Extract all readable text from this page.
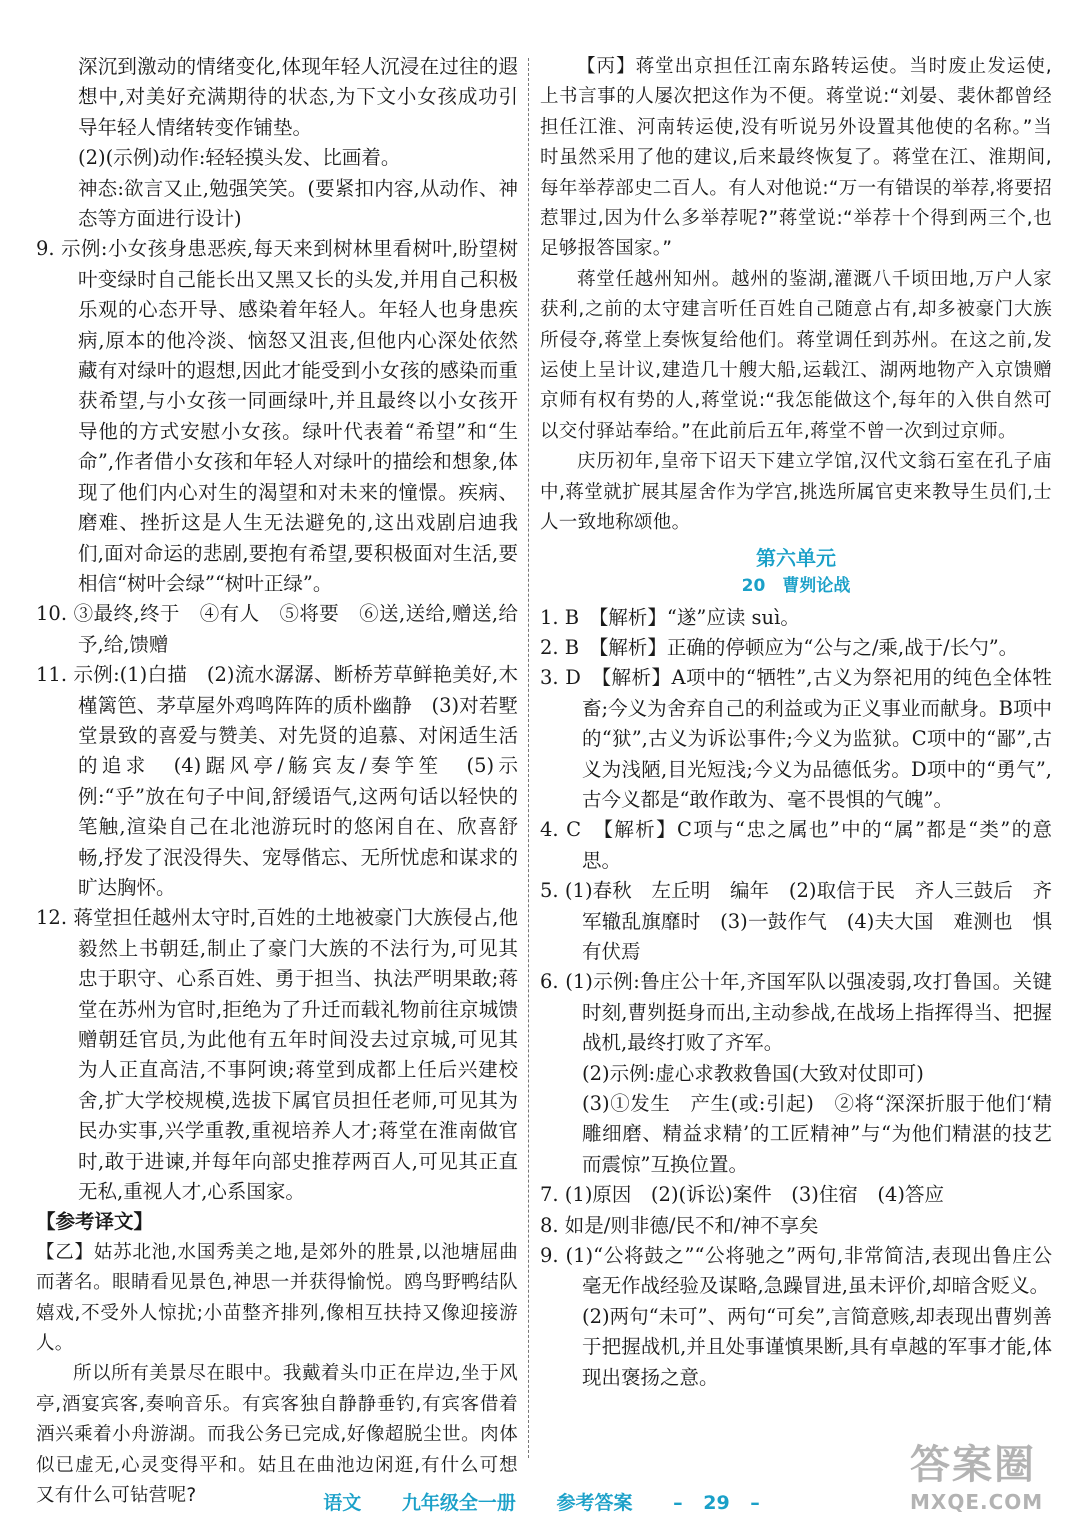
深沉到激动的情绪变化,体现年轻人沉浸在过往的遐想中,对美好充满期待的状态,为下文小女孩成功引导年轻人情绪转变作铺垫。

(2)(示例)动作:轻轻摸头发、比画着。

神态:欲言又止,勉强笑笑。(要紧扣内容,从动作、神态等方面进行设计)

9. 示例:小女孩身患恶疾,每天来到树林里看树叶,盼望树叶变绿时自己能长出又黑又长的头发,并用自己积极乐观的心态开导、感染着年轻人。年轻人也身患疾病,原本的他冷淡、恼怒又沮丧,但他内心深处依然藏有对绿叶的遐想,因此才能受到小女孩的感染而重获希望,与小女孩一同画绿叶,并且最终以小女孩开导他的方式安慰小女孩。绿叶代表着“希望”和“生命”,作者借小女孩和年轻人对绿叶的描绘和想象,体现了他们内心对生的渴望和对未来的憧憬。疾病、磨难、挫折这是人生无法避免的,这出戏剧启迪我们,面对命运的悲剧,要抱有希望,要积极面对生活,要相信“树叶会绿”“树叶正绿”。

10. ③最终,终于　④有人　⑤将要　⑥送,送给,赠送,给予,给,馈赠

11. 示例:(1)白描　(2)流水潺潺、断桥芳草鲜艳美好,木槿篱笆、茅草屋外鸡鸣阵阵的质朴幽静　(3)对若墅堂景致的喜爱与赞美、对先贤的追慕、对闲适生活的追求　(4)踞风亭/觞宾友/奏竽笙　(5)示例:“乎”放在句子中间,舒缓语气,这两句话以轻快的笔触,渲染自己在北池游玩时的悠闲自在、欣喜舒畅,抒发了泯没得失、宠辱偕忘、无所忧虑和谋求的旷达胸怀。

12. 蒋堂担任越州太守时,百姓的土地被豪门大族侵占,他毅然上书朝廷,制止了豪门大族的不法行为,可见其忠于职守、心系百姓、勇于担当、执法严明果敢;蒋堂在苏州为官时,拒绝为了升迁而载礼物前往京城馈赠朝廷官员,为此他有五年时间没去过京城,可见其为人正直高洁,不事阿谀;蒋堂到成都上任后兴建校舍,扩大学校规模,选拔下属官员担任老师,可见其为民办实事,兴学重教,重视培养人才;蒋堂在淮南做官时,敢于进谏,并每年向部史推荐两百人,可见其正直无私,重视人才,心系国家。

【参考译文】

【乙】姑苏北池,水国秀美之地,是郊外的胜景,以池塘屈曲而著名。眼睛看见景色,神思一并获得愉悦。鸥鸟野鸭结队嬉戏,不受外人惊扰;小苗整齐排列,像相互扶持又像迎接游人。

所以所有美景尽在眼中。我戴着头巾正在岸边,坐于风亭,酒宴宾客,奏响音乐。有宾客独自静静垂钓,有宾客借着酒兴乘着小舟游湖。而我公务已完成,好像超脱尘世。肉体似已虚无,心灵变得平和。姑且在曲池边闲逛,有什么可想又有什么可钻营呢?

【丙】蒋堂出京担任江南东路转运使。当时废止发运使,上书言事的人屡次把这作为不便。蒋堂说:“刘晏、裴休都曾经担任江淮、河南转运使,没有听说另外设置其他使的名称。”当时虽然采用了他的建议,后来最终恢复了。蒋堂在江、淮期间,每年举荐部史二百人。有人对他说:“万一有错误的举荐,将要招惹罪过,因为什么多举荐呢?”蒋堂说:“举荐十个得到两三个,也足够报答国家。”

蒋堂任越州知州。越州的鉴湖,灌溉八千顷田地,万户人家获利,之前的太守建言听任百姓自己随意占有,却多被豪门大族所侵夺,蒋堂上奏恢复给他们。蒋堂调任到苏州。在这之前,发运使上呈计议,建造几十艘大船,运载江、湖两地物产入京馈赠京师有权有势的人,蒋堂说:“我怎能做这个,每年的入供自然可以交付驿站奉给。”在此前后五年,蒋堂不曾一次到过京师。

庆历初年,皇帝下诏天下建立学馆,汉代文翁石室在孔子庙中,蒋堂就扩展其屋舍作为学宫,挑选所属官吏来教导生员们,士人一致地称颂他。

第六单元
20　曹刿论战

1. B　【解析】“遂”应读 suì。

2. B　【解析】正确的停顿应为“公与之/乘,战于/长勺”。

3. D　【解析】A项中的“牺牲”,古义为祭祀用的纯色全体牲畜;今义为舍弃自己的利益或为正义事业而献身。B项中的“狱”,古义为诉讼事件;今义为监狱。C项中的“鄙”,古义为浅陋,目光短浅;今义为品德低劣。D项中的“勇气”,古今义都是“敢作敢为、毫不畏惧的气魄”。

4. C　【解析】C项与“忠之属也”中的“属”都是“类”的意思。

5. (1)春秋　左丘明　编年　(2)取信于民　齐人三鼓后　齐军辙乱旗靡时　(3)一鼓作气　(4)夫大国　难测也　惧有伏焉

6. (1)示例:鲁庄公十年,齐国军队以强凌弱,攻打鲁国。关键时刻,曹刿挺身而出,主动参战,在战场上指挥得当、把握战机,最终打败了齐军。

(2)示例:虚心求教救鲁国(大致对仗即可)

(3)①发生　产生(或:引起)　②将“深深折服于他们‘精雕细磨、精益求精’的工匠精神”与“为他们精湛的技艺而震惊”互换位置。

7. (1)原因　(2)(诉讼)案件　(3)住宿　(4)答应

8. 如是/则非德/民不和/神不享矣

9. (1)“公将鼓之”“公将驰之”两句,非常简洁,表现出鲁庄公毫无作战经验及谋略,急躁冒进,虽未评价,却暗含贬义。

(2)两句“未可”、两句“可矣”,言简意赅,却表现出曹刿善于把握战机,并且处事谨慎果断,具有卓越的军事才能,体现出褒扬之意。

语文 九年级全一册 参考答案 – 29 –
答案圈
MXQE.COM
